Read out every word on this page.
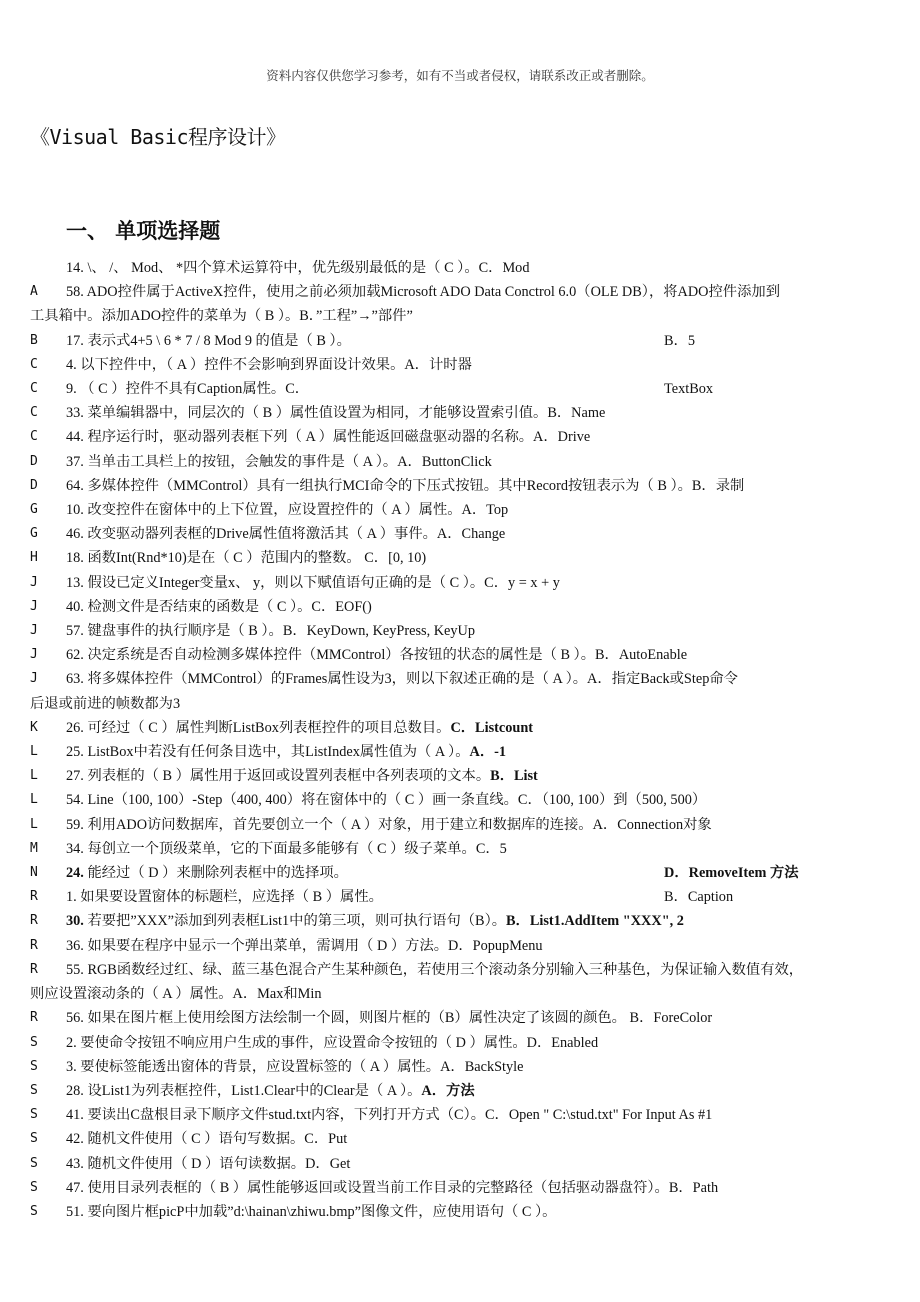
资料内容仅供您学习参考，如有不当或者侵权，请联系改正或者删除。
《Visual Basic程序设计》
一、 单项选择题
14. \、 /、 Mod、 *四个算术运算符中，优先级别最低的是（ C ）。C．Mod
A	58. ADO控件属于ActiveX控件，使用之前必须加载Microsoft ADO Data Conctrol 6.0（OLE DB），将ADO控件添加到
工具箱中。添加ADO控件的菜单为（ B ）。B．”工程”→”部件”
B	17. 表示式4+5 \ 6 * 7 / 8 Mod 9 的值是（ B ）。	B．5
C	4. 以下控件中，（ A ）控件不会影响到界面设计效果。A．计时器
C	9. （ C ）控件不具有Caption属性。C．	TextBox
C	33. 菜单编辑器中，同层次的（ B ）属性值设置为相同，才能够设置索引值。B．Name
C	44. 程序运行时，驱动器列表框下列（ A ）属性能返回磁盘驱动器的名称。A．Drive
D	37. 当单击工具栏上的按钮，会触发的事件是（ A ）。A．ButtonClick
D	64. 多媒体控件（MMControl）具有一组执行MCI命令的下压式按钮。其中Record按钮表示为（ B ）。B．录制
G	10. 改变控件在窗体中的上下位置，应设置控件的（ A ）属性。A．Top
G	46. 改变驱动器列表框的Drive属性值将激活其（ A ）事件。A．Change
H	18. 函数Int(Rnd*10)是在（ C ）范围内的整数。 C．[0, 10)
J	13. 假设已定义Integer变量x、 y，则以下赋值语句正确的是（ C ）。C．y = x + y
J	40. 检测文件是否结束的函数是（ C ）。C．EOF()
J	57. 键盘事件的执行顺序是（ B ）。B．KeyDown, KeyPress, KeyUp
J	62. 决定系统是否自动检测多媒体控件（MMControl）各按钮的状态的属性是（ B ）。B．AutoEnable
J	63. 将多媒体控件（MMControl）的Frames属性设为3，则以下叙述正确的是（ A ）。A．指定Back或Step命令
后退或前进的帧数都为3
K	26. 可经过（ C ）属性判断ListBox列表框控件的项目总数目。C．Listcount
L	25. ListBox中若没有任何条目选中，其ListIndex属性值为（ A ）。A．-1
L	27. 列表框的（ B ）属性用于返回或设置列表框中各列表项的文本。B．List
L	54. Line（100, 100）-Step（400, 400）将在窗体中的（ C ）画一条直线。C．（100, 100）到（500, 500）
L	59. 利用ADO访问数据库，首先要创立一个（ A ）对象，用于建立和数据库的连接。A．Connection对象
M	34. 每创立一个顶级菜单，它的下面最多能够有（ C ）级子菜单。C．5
N	24. 能经过（ D ）来删除列表框中的选择项。	D．RemoveItem 方法
R	1. 如果要设置窗体的标题栏，应选择（ B ）属性。	B．Caption
R	30. 若要把”XXX”添加到列表框List1中的第三项，则可执行语句（B）。B．List1.AddItem "XXX", 2
R	36. 如果要在程序中显示一个弹出菜单，需调用（ D ）方法。D．PopupMenu
R	55. RGB函数经过红、绿、蓝三基色混合产生某种颜色，若使用三个滚动条分别输入三种基色，为保证输入数值有效，
则应设置滚动条的（ A ）属性。A．Max和Min
R	56. 如果在图片框上使用绘图方法绘制一个圆，则图片框的（B）属性决定了该圆的颜色。 B．ForeColor
S	2. 要使命令按钮不响应用户生成的事件，应设置命令按钮的（ D ）属性。D．Enabled
S	3. 要使标签能透出窗体的背景，应设置标签的（ A ）属性。A．BackStyle
S	28. 设List1为列表框控件，List1.Clear中的Clear是（ A ）。A．方法
S	41. 要读出C盘根目录下顺序文件stud.txt内容，下列打开方式（C）。C．Open " C:\stud.txt" For Input As #1
S	42. 随机文件使用（ C ）语句写数据。C．Put
S	43. 随机文件使用（ D ）语句读数据。D．Get
S	47. 使用目录列表框的（ B ）属性能够返回或设置当前工作目录的完整路径（包括驱动器盘符）。B．Path
S	51. 要向图片框picP中加载”d:\hainan\zhiwu.bmp”图像文件，应使用语句（ C ）。
